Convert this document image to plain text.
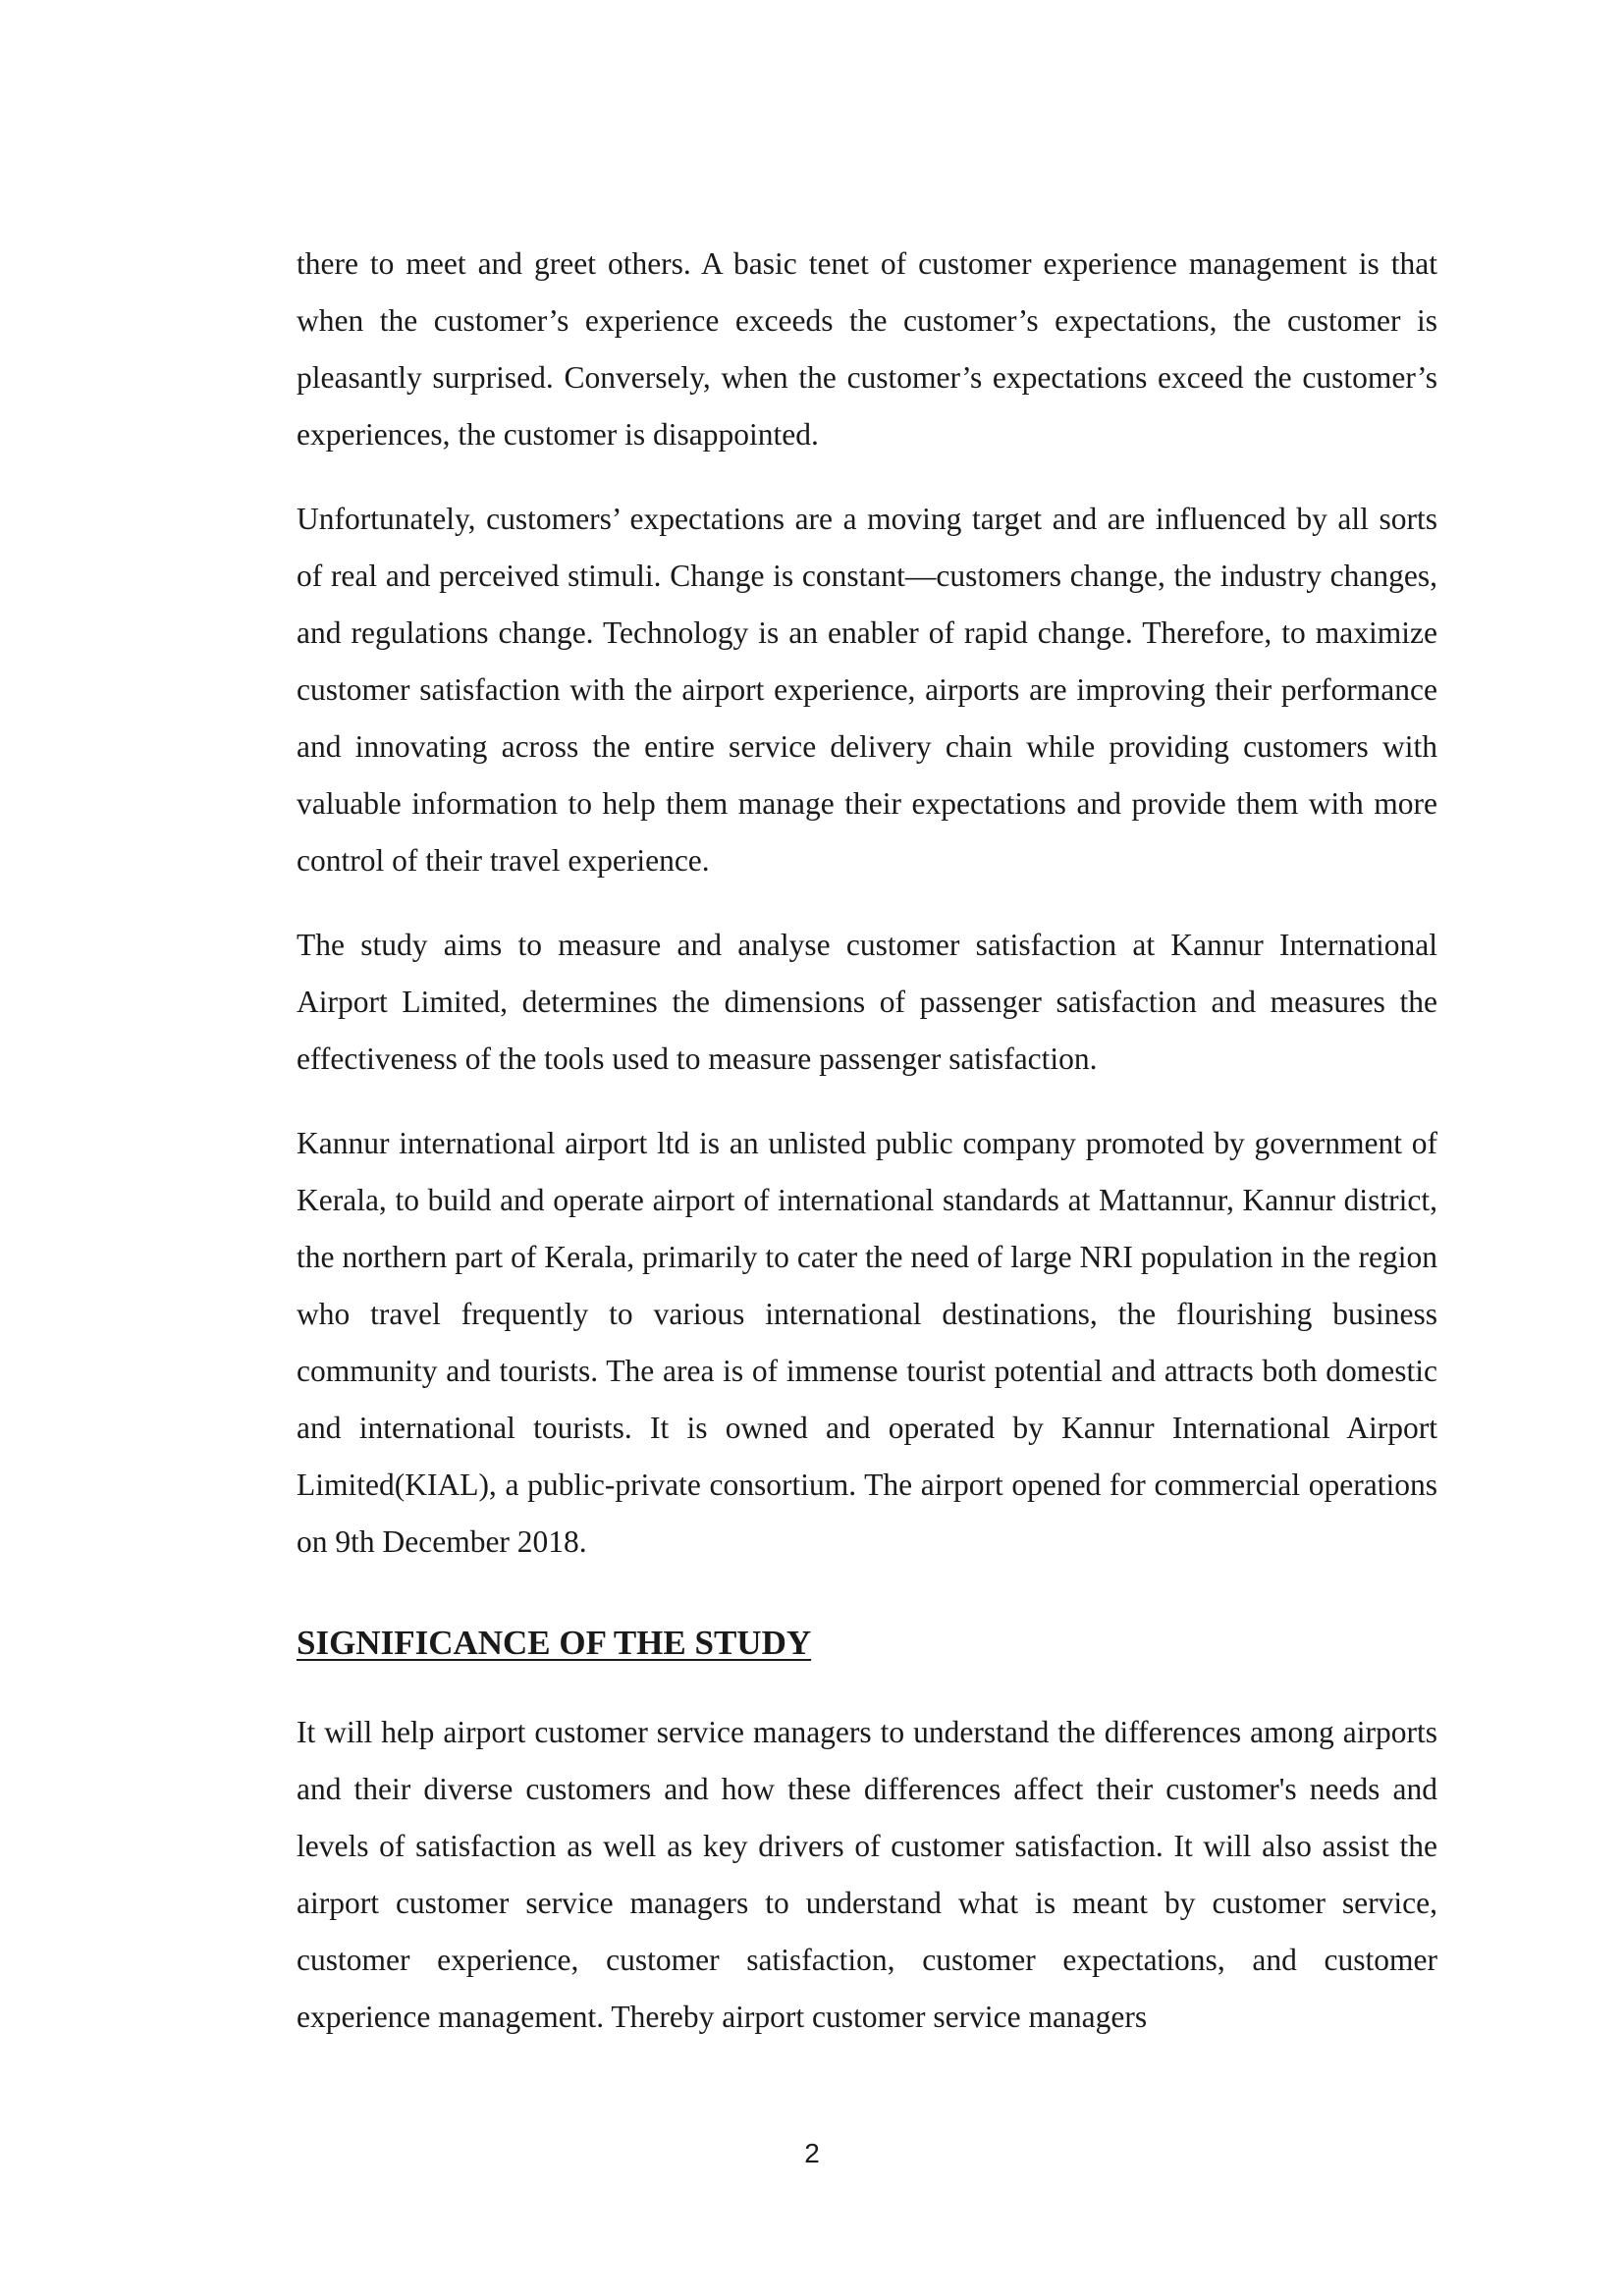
there to meet and greet others. A basic tenet of customer experience management is that when the customer’s experience exceeds the customer’s expectations, the customer is pleasantly surprised. Conversely, when the customer’s expectations exceed the customer’s experiences, the customer is disappointed.

Unfortunately, customers’ expectations are a moving target and are influenced by all sorts of real and perceived stimuli. Change is constant—customers change, the industry changes, and regulations change. Technology is an enabler of rapid change. Therefore, to maximize customer satisfaction with the airport experience, airports are improving their performance and innovating across the entire service delivery chain while providing customers with valuable information to help them manage their expectations and provide them with more control of their travel experience.

The study aims to measure and analyse customer satisfaction at Kannur International Airport Limited, determines the dimensions of passenger satisfaction and measures the effectiveness of the tools used to measure passenger satisfaction.

Kannur international airport ltd is an unlisted public company promoted by government of Kerala, to build and operate airport of international standards at Mattannur, Kannur district, the northern part of Kerala, primarily to cater the need of large NRI population in the region who travel frequently to various international destinations, the flourishing business community and tourists. The area is of immense tourist potential and attracts both domestic and international tourists. It is owned and operated by Kannur International Airport Limited(KIAL), a public-private consortium. The airport opened for commercial operations on 9th December 2018.

SIGNIFICANCE OF THE STUDY

It will help airport customer service managers to understand the differences among airports and their diverse customers and how these differences affect their customer's needs and levels of satisfaction as well as key drivers of customer satisfaction. It will also assist the airport customer service managers to understand what is meant by customer service, customer experience, customer satisfaction, customer expectations, and customer experience management. Thereby airport customer service managers

2
